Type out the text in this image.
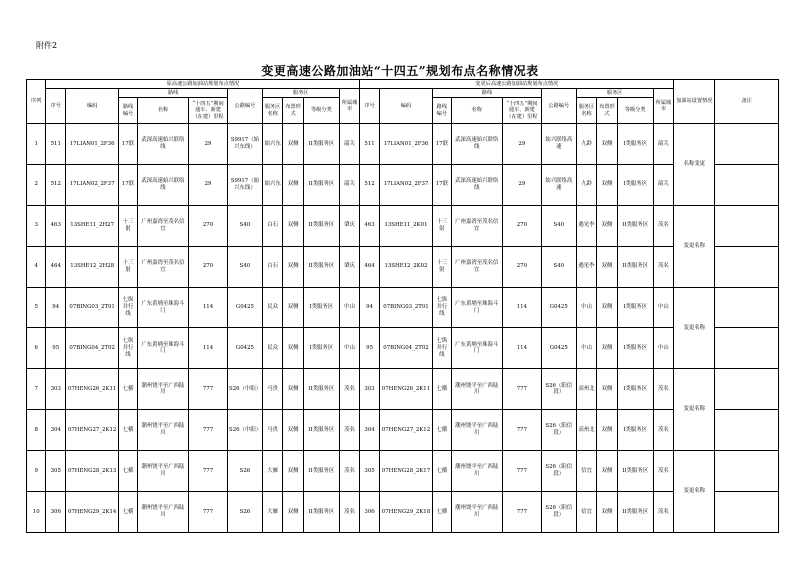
附件2
变更高速公路加油站“十四五”规划布点名称情况表
序列	原高速公路加油站规划布点情况										变更后高速公路加油站规划布点情况										加油站设置情况	备注
	序号	编码	路线			公路编号	服务区			所属城市	序号	编码	路线			公路编号	服务区			所属城市		
			路线编号	名称	“十四五”期间通车、新建（在建）里程		服务区名称	布置形式	等级分类				路线编号	名称	“十四五”期间通车、新建（在建）里程		服务区名称	布置形式	等级分类			
1	511	17LIAN01_2F36	17联	武深高速始兴联络线	29	S9917（始兴东线）	始兴东	双侧	II类服务区	韶关	511	17LIAN01_2F36	17联	武深高速始兴联络线	29	始兴联络高速	九龄	双侧	I类服务区	韶关	名称变更	
2	512	17LIAN02_2F37	17联	武深高速始兴联络线	29	S9917（始兴东线）	始兴东	双侧	II类服务区	韶关	512	17LIAN02_2F37	17联	武深高速始兴联络线	29	始兴联络高速	九龄	双侧	I类服务区	韶关		
3	463	13SHE11_2H27	十三射	广州嘉湾至茂名信宜	270	S40	白石	双侧	II类服务区	肇庆	463	13SHE11_2K01	十三射	广州嘉湾至茂名信宜	270	S40	遇见李	双侧	II类服务区	茂名	变更名称	
4	464	13SHE12_2H28	十三射	广州嘉湾至茂名信宜	270	S40	白石	双侧	II类服务区	肇庆	464	13SHE12_2K02	十三射	广州嘉湾至茂名信宜	270	S40	遇见李	双侧	II类服务区	茂名		
5	94	07BING03_2T01	七纵并行线	广东黄埔至珠海斗门	114	G0425	民众	双侧	I类服务区	中山	94	07BING03_2T01	七纵并行线	广东黄埔至珠海斗门	114	G0425	中山	双侧	I类服务区	中山	变更名称	
6	95	07BING04_2T02	七纵并行线	广东黄埔至珠海斗门	114	G0425	民众	双侧	I类服务区	中山	95	07BING04_2T02	七纵并行线	广东黄埔至珠海斗门	114	G0425	中山	双侧	I类服务区	中山		
7	303	07HENG26_2K11	七横	潮州饶平至广西陆川	777	S26（中阳）	马贵	双侧	II类服务区	茂名	303	07HENG26_2K11	七横	潮州饶平至广西陆川	777	S26（阳信段）	高州北	双侧	I类服务区	茂名	变更名称	
8	304	07HENG27_2K12	七横	潮州饶平至广西陆川	777	S26（中阳）	马贵	双侧	II类服务区	茂名	304	07HENG27_2K12	七横	潮州饶平至广西陆川	777	S26（阳信段）	高州北	双侧	I类服务区	茂名		
9	305	07HENG28_2K13	七横	潮州饶平至广西陆川	777	S26	大雁	双侧	II类服务区	茂名	305	07HENG28_2K17	七横	潮州饶平至广西陆川	777	S26（阳信段）	信宜	双侧	II类服务区	茂名	变更名称	
10	306	07HENG29_2K14	七横	潮州饶平至广西陆川	777	S26	大雁	双侧	II类服务区	茂名	306	07HENG29_2K18	七横	潮州饶平至广西陆川	777	S26（阳信段）	信宜	双侧	II类服务区	茂名		
